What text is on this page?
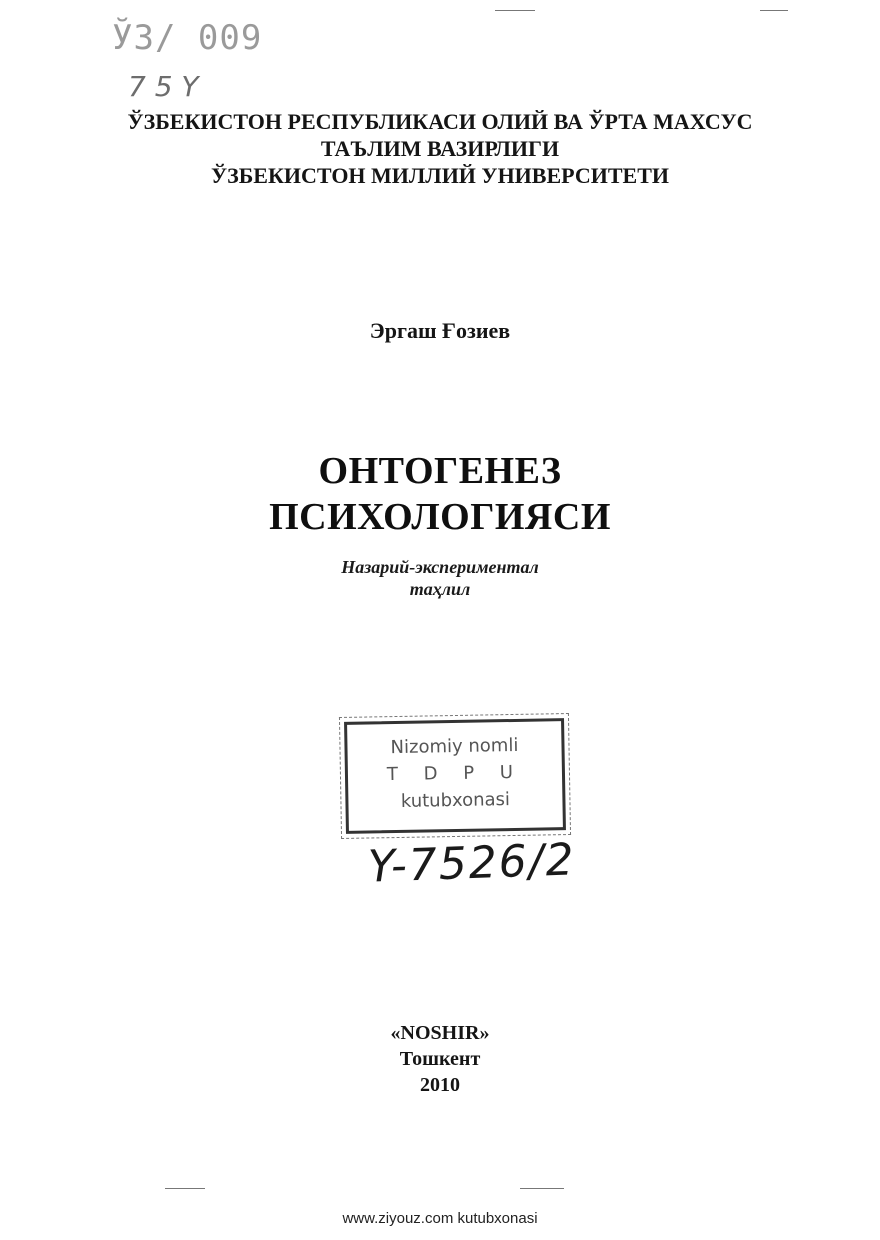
ЎЗ/ 009
7 5 Y
ЎЗБЕКИСТОН РЕСПУБЛИКАСИ ОЛИЙ ВА ЎРТА МАХСУС
ТАЪЛИМ ВАЗИРЛИГИ
ЎЗБЕКИСТОН МИЛЛИЙ УНИВЕРСИТЕТИ
Эргаш Ғозиев
ОНТОГЕНЕЗ
ПСИХОЛОГИЯСИ
Назарий-экспериментал
таҳлил
Nizomiy nomli
T D P U
kutubxonasi
Y-7526/2
«NOSHIR»
Тошкент
2010
www.ziyouz.com kutubxonasi
